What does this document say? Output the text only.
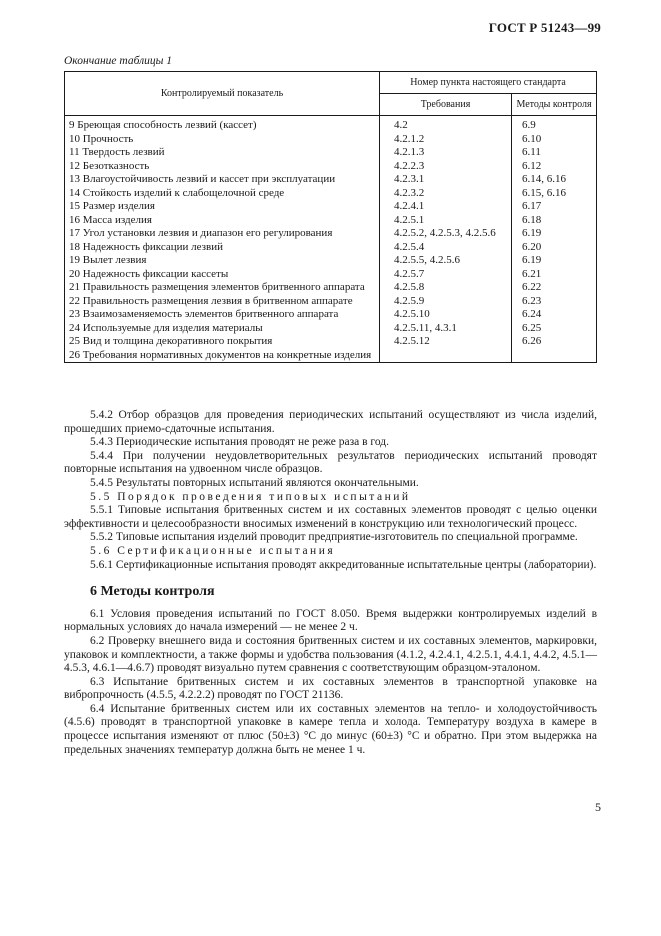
ГОСТ Р 51243—99
Окончание таблицы 1
Контролируемый показатель	Номер пункта настоящего стандарта	
	Требования	Методы контроля
9 Бреющая способность лезвий (кассет)	4.2	6.9
10 Прочность	4.2.1.2	6.10
11 Твердость лезвий	4.2.1.3	6.11
12 Безотказность	4.2.2.3	6.12
13 Влагоустойчивость лезвий и кассет при эксплуатации	4.2.3.1	6.14, 6.16
14 Стойкость изделий к слабощелочной среде	4.2.3.2	6.15, 6.16
15 Размер изделия	4.2.4.1	6.17
16 Масса изделия	4.2.5.1	6.18
17 Угол установки лезвия и диапазон его регулирования	4.2.5.2, 4.2.5.3, 4.2.5.6	6.19
18 Надежность фиксации лезвий	4.2.5.4	6.20
19 Вылет лезвия	4.2.5.5, 4.2.5.6	6.19
20 Надежность фиксации кассеты	4.2.5.7	6.21
21 Правильность размещения элементов бритвенного аппарата	4.2.5.8	6.22
22 Правильность размещения лезвия в бритвенном аппарате	4.2.5.9	6.23
23 Взаимозаменяемость элементов бритвенного аппарата	4.2.5.10	6.24
24 Используемые для изделия материалы	4.2.5.11, 4.3.1	6.25
25 Вид и толщина декоративного покрытия	4.2.5.12	6.26
26 Требования нормативных документов на конкретные изделия		

5.4.2 Отбор образцов для проведения периодических испытаний осуществляют из числа изделий, прошедших приемо-сдаточные испытания.

5.4.3 Периодические испытания проводят не реже раза в год.

5.4.4 При получении неудовлетворительных результатов периодических испытаний проводят повторные испытания на удвоенном числе образцов.

5.4.5 Результаты повторных испытаний являются окончательными.

5.5 Порядок проведения типовых испытаний

5.5.1 Типовые испытания бритвенных систем и их составных элементов проводят с целью оценки эффективности и целесообразности вносимых изменений в конструкцию или технологический процесс.

5.5.2 Типовые испытания изделий проводит предприятие-изготовитель по специальной программе.

5.6 Сертификационные испытания

5.6.1 Сертификационные испытания проводят аккредитованные испытательные центры (лаборатории).

6 Методы контроля

6.1 Условия проведения испытаний по ГОСТ 8.050. Время выдержки контролируемых изделий в нормальных условиях до начала измерений — не менее 2 ч.

6.2 Проверку внешнего вида и состояния бритвенных систем и их составных элементов, маркировки, упаковок и комплектности, а также формы и удобства пользования (4.1.2, 4.2.4.1, 4.2.5.1, 4.4.1, 4.4.2, 4.5.1—4.5.3, 4.6.1—4.6.7) проводят визуально путем сравнения с соответствующим образцом-эталоном.

6.3 Испытание бритвенных систем и их составных элементов в транспортной упаковке на вибропрочность (4.5.5, 4.2.2.2) проводят по ГОСТ 21136.

6.4 Испытание бритвенных систем или их составных элементов на тепло- и холодоустойчивость (4.5.6) проводят в транспортной упаковке в камере тепла и холода. Температуру воздуха в камере в процессе испытания изменяют от плюс (50±3) °С до минус (60±3) °С и обратно. При этом выдержка на предельных значениях температур должна быть не менее 1 ч.

5
